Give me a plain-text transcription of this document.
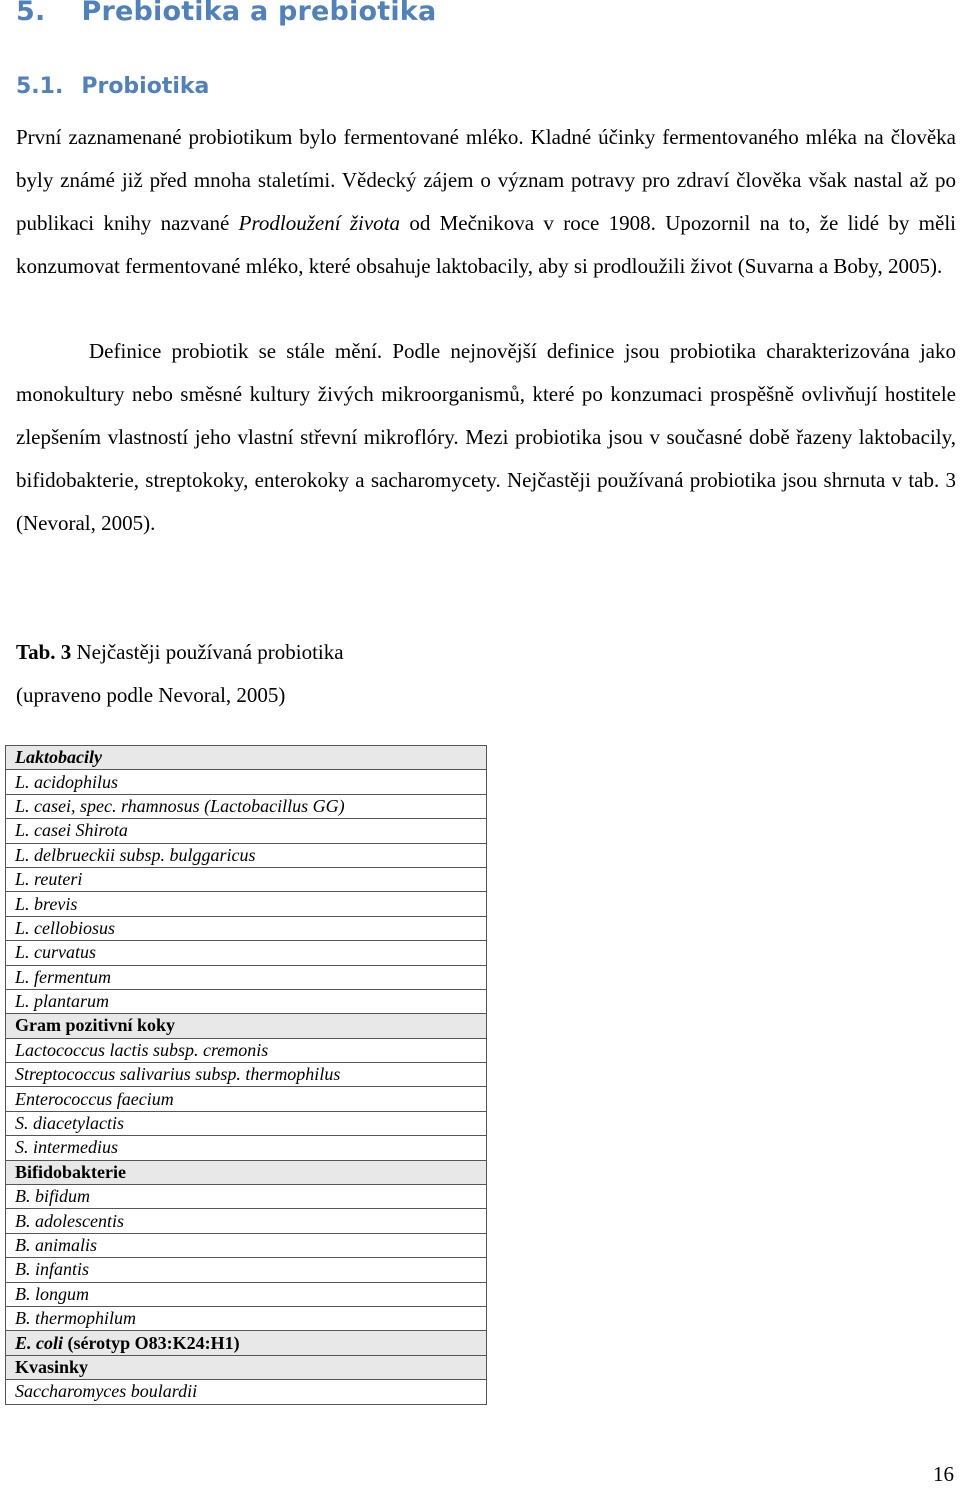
5. Prebiotika a prebiotika
5.1. Probiotika

První zaznamenané probiotikum bylo fermentované mléko. Kladné účinky fermentovaného mléka na člověka byly známé již před mnoha staletími. Vědecký zájem o význam potravy pro zdraví člověka však nastal až po publikaci knihy nazvané Prodloužení života od Mečnikova v roce 1908. Upozornil na to, že lidé by měli konzumovat fermentované mléko, které obsahuje laktobacily, aby si prodloužili život (Suvarna a Boby, 2005).

Definice probiotik se stále mění. Podle nejnovější definice jsou probiotika charakterizována jako monokultury nebo směsné kultury živých mikroorganismů, které po konzumaci prospěšně ovlivňují hostitele zlepšením vlastností jeho vlastní střevní mikroflóry. Mezi probiotika jsou v současné době řazeny laktobacily, bifidobakterie, streptokoky, enterokoky a sacharomycety. Nejčastěji používaná probiotika jsou shrnuta v tab. 3 (Nevoral, 2005).

Tab. 3 Nejčastěji používaná probiotika

(upraveno podle Nevoral, 2005)

Laktobacily
L. acidophilus
L. casei, spec. rhamnosus (Lactobacillus GG)
L. casei Shirota
L. delbrueckii subsp. bulggaricus
L. reuteri
L. brevis
L. cellobiosus
L. curvatus
L. fermentum
L. plantarum
Gram pozitivní koky
Lactococcus lactis subsp. cremonis
Streptococcus salivarius subsp. thermophilus
Enterococcus faecium
S. diacetylactis
S. intermedius
Bifidobakterie
B. bifidum
B. adolescentis
B. animalis
B. infantis
B. longum
B. thermophilum
E. coli (sérotyp O83:K24:H1)
Kvasinky
Saccharomyces boulardii

16
